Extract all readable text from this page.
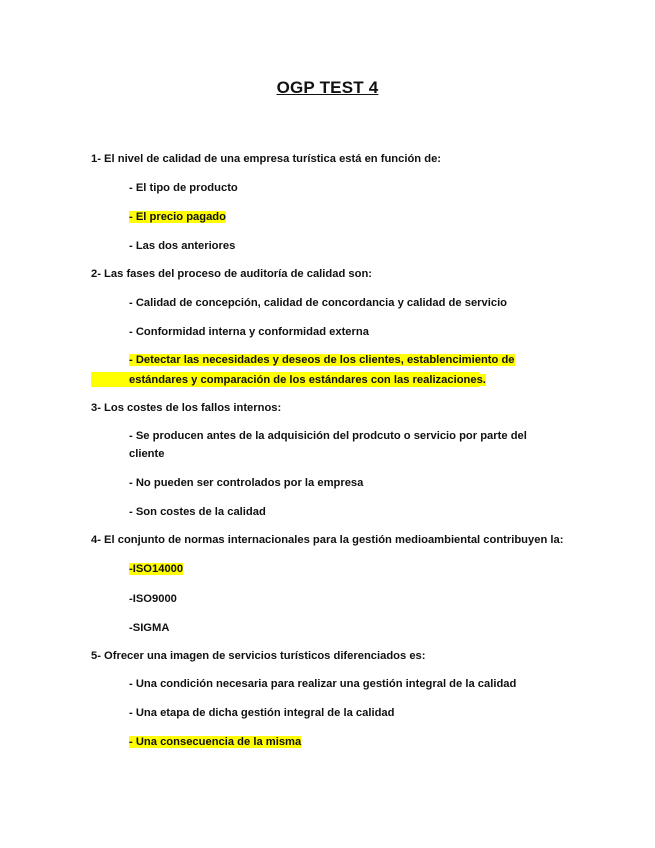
OGP TEST 4

1- El nivel de calidad de una empresa turística está en función de:

- El tipo de producto

- El precio pagado

- Las dos anteriores

2- Las fases del proceso de auditoría de calidad son:

- Calidad de concepción, calidad de concordancia y calidad de servicio

- Conformidad interna y conformidad externa

- Detectar las necesidades y deseos de los clientes, establencimiento de

estándares y comparación de los estándares con las realizaciones.

3- Los costes de los fallos internos:

- Se producen antes de la adquisición del prodcuto o servicio por parte del

cliente

- No pueden ser controlados por la empresa

- Son costes de la calidad

4- El conjunto de normas internacionales para la gestión medioambiental contribuyen la:

-ISO14000

-ISO9000

-SIGMA

5- Ofrecer una imagen de servicios turísticos diferenciados es:

- Una condición necesaria para realizar una gestión integral de la calidad

- Una etapa de dicha gestión integral de la calidad

- Una consecuencia de la misma
